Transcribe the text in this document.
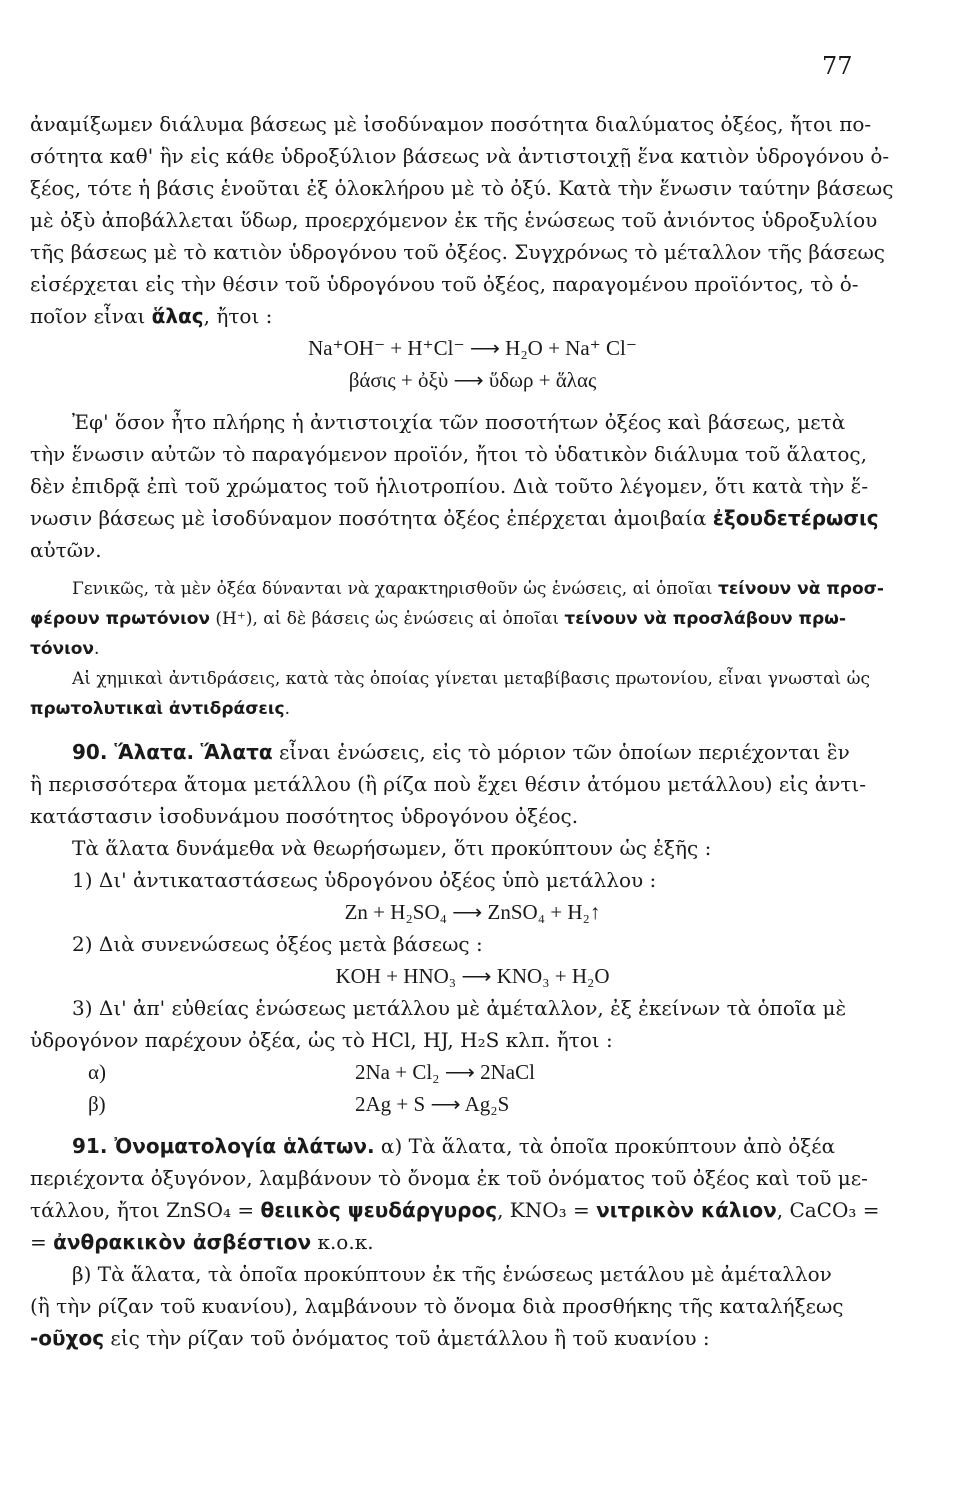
77
ἀναμίξωμεν διάλυμα βάσεως μὲ ἰσοδύναμον ποσότητα διαλύματος ὀξέος, ἤτοι πο-
σότητα καθ' ἣν εἰς κάθε ὑδροξύλιον βάσεως νὰ ἀντιστοιχῇ ἕνα κατιὸν ὑδρογόνου ὀ-
ξέος, τότε ἡ βάσις ἑνοῦται ἐξ ὁλοκλήρου μὲ τὸ ὀξύ. Κατὰ τὴν ἕνωσιν ταύτην βάσεως
μὲ ὀξὺ ἀποβάλλεται ὕδωρ, προερχόμενον ἐκ τῆς ἑνώσεως τοῦ ἀνιόντος ὑδροξυλίου
τῆς βάσεως μὲ τὸ κατιὸν ὑδρογόνου τοῦ ὀξέος. Συγχρόνως τὸ μέταλλον τῆς βάσεως
εἰσέρχεται εἰς τὴν θέσιν τοῦ ὑδρογόνου τοῦ ὀξέος, παραγομένου προϊόντος, τὸ ὁ-
ποῖον εἶναι ἅλας, ἤτοι :
Na⁺OH⁻ + H⁺Cl⁻ ⟶ H₂O + Na⁺ Cl⁻
βάσις + ὀξὺ ⟶ ὕδωρ + ἅλας
Ἐφ' ὅσον ἦτο πλήρης ἡ ἀντιστοιχία τῶν ποσοτήτων ὀξέος καὶ βάσεως, μετὰ
τὴν ἕνωσιν αὐτῶν τὸ παραγόμενον προϊόν, ἤτοι τὸ ὑδατικὸν διάλυμα τοῦ ἅλατος,
δὲν ἐπιδρᾷ ἐπὶ τοῦ χρώματος τοῦ ἡλιοτροπίου. Διὰ τοῦτο λέγομεν, ὅτι κατὰ τὴν ἕ-
νωσιν βάσεως μὲ ἰσοδύναμον ποσότητα ὀξέος ἐπέρχεται ἀμοιβαία ἐξουδετέρωσις
αὐτῶν.
Γενικῶς, τὰ μὲν ὀξέα δύνανται νὰ χαρακτηρισθοῦν ὡς ἑνώσεις, αἱ ὁποῖαι τείνουν νὰ προσ-
φέρουν πρωτόνιον (H⁺), αἱ δὲ βάσεις ὡς ἑνώσεις αἱ ὁποῖαι τείνουν νὰ προσλάβουν πρω-
τόνιον.
Αἱ χημικαὶ ἀντιδράσεις, κατὰ τὰς ὁποίας γίνεται μεταβίβασις πρωτονίου, εἶναι γνωσταὶ ὡς
πρωτολυτικαὶ ἀντιδράσεις.
90. Ἅλατα. Ἅλατα εἶναι ἑνώσεις, εἰς τὸ μόριον τῶν ὁποίων περιέχονται ἓν
ἢ περισσότερα ἄτομα μετάλλου (ἢ ρίζα ποὺ ἔχει θέσιν ἀτόμου μετάλλου) εἰς ἀντι-
κατάστασιν ἰσοδυνάμου ποσότητος ὑδρογόνου ὀξέος.
Τὰ ἅλατα δυνάμεθα νὰ θεωρήσωμεν, ὅτι προκύπτουν ὡς ἑξῆς :
1) Δι' ἀντικαταστάσεως ὑδρογόνου ὀξέος ὑπὸ μετάλλου :
Zn + H₂SO₄ ⟶ ZnSO₄ + H₂↑
2) Διὰ συνενώσεως ὀξέος μετὰ βάσεως :
KOH + HNO₃ ⟶ KNO₃ + H₂O
3) Δι' ἀπ' εὐθείας ἑνώσεως μετάλλου μὲ ἀμέταλλον, ἐξ ἐκείνων τὰ ὁποῖα μὲ
ὑδρογόνον παρέχουν ὀξέα, ὡς τὸ HCl, HJ, H₂S κλπ. ἤτοι :
α)	2Na + Cl₂ ⟶ 2NaCl
β)	2Ag + S ⟶ Ag₂S
91. Ὀνοματολογία ἁλάτων. α) Τὰ ἅλατα, τὰ ὁποῖα προκύπτουν ἀπὸ ὀξέα
περιέχοντα ὀξυγόνον, λαμβάνουν τὸ ὄνομα ἐκ τοῦ ὀνόματος τοῦ ὀξέος καὶ τοῦ με-
τάλλου, ἤτοι ZnSO₄ = θειικὸς ψευδάργυρος, KNO₃ = νιτρικὸν κάλιον, CaCO₃ =
= ἀνθρακικὸν ἀσβέστιον κ.ο.κ.
β) Τὰ ἅλατα, τὰ ὁποῖα προκύπτουν ἐκ τῆς ἑνώσεως μετάλου μὲ ἀμέταλλον
(ἢ τὴν ρίζαν τοῦ κυανίου), λαμβάνουν τὸ ὄνομα διὰ προσθήκης τῆς καταλήξεως
-οῦχος εἰς τὴν ρίζαν τοῦ ὀνόματος τοῦ ἀμετάλλου ἢ τοῦ κυανίου :
